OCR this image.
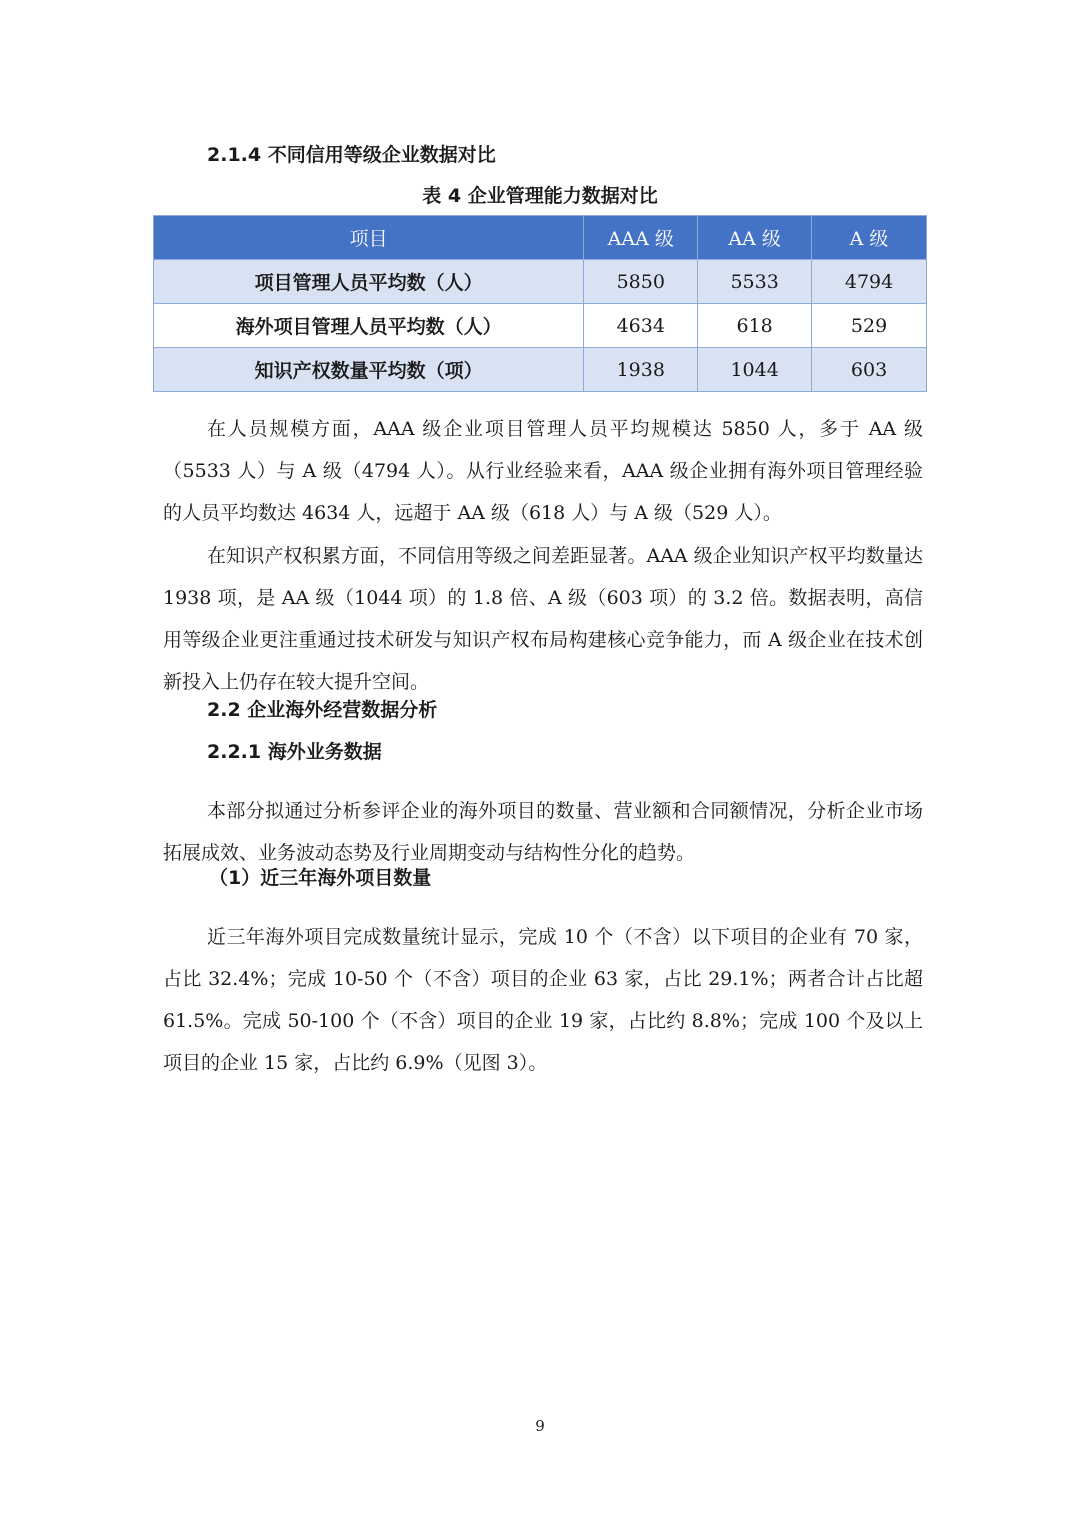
2.1.4 不同信用等级企业数据对比
表 4 企业管理能力数据对比
项目	AAA 级	AA 级	A 级
项目管理人员平均数（人）	5850	5533	4794
海外项目管理人员平均数（人）	4634	618	529
知识产权数量平均数（项）	1938	1044	603

在人员规模方面，AAA 级企业项目管理人员平均规模达 5850 人，多于 AA 级（5533 人）与 A 级（4794 人）。从行业经验来看，AAA 级企业拥有海外项目管理经验的人员平均数达 4634 人，远超于 AA 级（618 人）与 A 级（529 人）。

在知识产权积累方面，不同信用等级之间差距显著。AAA 级企业知识产权平均数量达 1938 项，是 AA 级（1044 项）的 1.8 倍、A 级（603 项）的 3.2 倍。数据表明，高信用等级企业更注重通过技术研发与知识产权布局构建核心竞争能力，而 A 级企业在技术创新投入上仍存在较大提升空间。

2.2 企业海外经营数据分析
2.2.1 海外业务数据

本部分拟通过分析参评企业的海外项目的数量、营业额和合同额情况，分析企业市场拓展成效、业务波动态势及行业周期变动与结构性分化的趋势。

（1）近三年海外项目数量

近三年海外项目完成数量统计显示，完成 10 个（不含）以下项目的企业有 70 家，占比 32.4%；完成 10-50 个（不含）项目的企业 63 家，占比 29.1%；两者合计占比超 61.5%。完成 50-100 个（不含）项目的企业 19 家，占比约 8.8%；完成 100 个及以上项目的企业 15 家，占比约 6.9%（见图 3）。

9
